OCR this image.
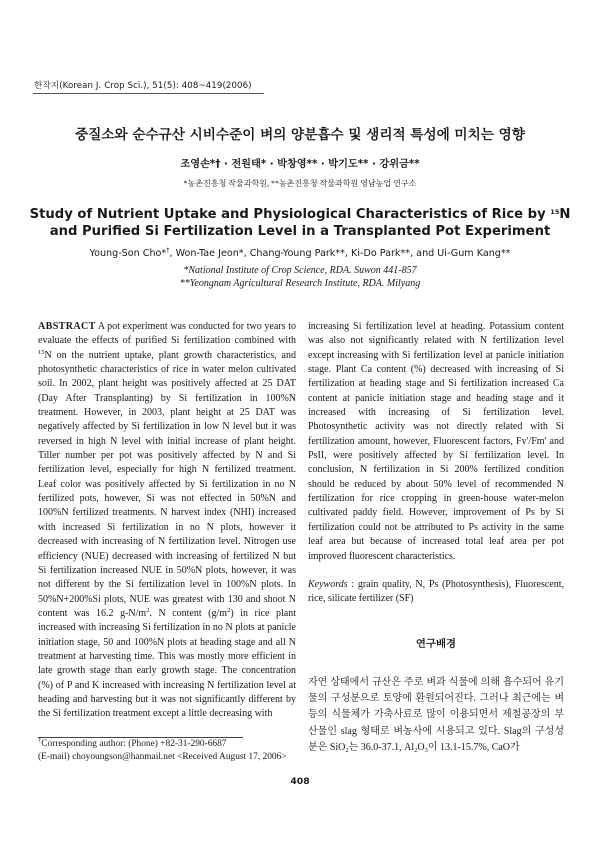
한작지(Korean J. Crop Sci.), 51(5): 408~419(2006)
중질소와 순수규산 시비수준이 벼의 양분흡수 및 생리적 특성에 미치는 영향
조영손*† · 전원태* · 박창영** · 박기도** · 강위금**
*농촌진흥청 작물과학원, **농촌진흥청 작물과학원 영남농업 연구소
Study of Nutrient Uptake and Physiological Characteristics of Rice by $^{15}$N and Purified Si Fertilization Level in a Transplanted Pot Experiment
Young-Son Cho*†, Won-Tae Jeon*, Chang-Young Park**, Ki-Do Park**, and Ui-Gum Kang**
*National Institute of Crop Science, RDA. Suwon 441-857
**Yeongnam Agricultural Research Institute, RDA. Milyang

ABSTRACT A pot experiment was conducted for two years to evaluate the effects of purified Si fertilization combined with $^{15}$N on the nutrient uptake, plant growth characteristics, and photosynthetic characteristics of rice in water melon cultivated soil. In 2002, plant height was positively affected at 25 DAT (Day After Transplanting) by Si fertilization in 100%N treatment. However, in 2003, plant height at 25 DAT was negatively affected by Si fertilization in low N level but it was reversed in high N level with initial increase of plant height. Tiller number per pot was positively affected by N and Si fertilization level, especially for high N fertilized treatment. Leaf color was positively affected by Si fertilization in no N fertilized pots, however, Si was not effected in 50%N and 100%N fertilized treatments. N harvest index (NHI) increased with increased Si fertilization in no N plots, however it decreased with increasing of N fertilization level. Nitrogen use efficiency (NUE) decreased with increasing of fertilized N but Si fertilization increased NUE in 50%N plots, however, it was not different by the Si fertilization level in 100%N plots. In 50%N+200%Si plots, NUE was greatest with 130 and shoot N content was 16.2 $g-N/m^2$. N content $(g/m^2)$ in rice plant increased with increasing Si fertilization in no N plots at panicle initiation stage, 50 and 100%N plots at heading stage and all N treatment at harvesting time. This was mostly more efficient in late growth stage than early growth stage. The concentration (%) of P and K increased with increasing N fertilization level at heading and harvesting but it was not significantly different by the Si fertilization treatment except a little decreasing with

increasing Si fertilization level at heading. Potassium content was also not significantly related with N fertilization level except increasing with Si fertilization level at panicle initiation stage. Plant Ca content (%) decreased with increasing of Si fertilization at heading stage and Si fertilization increased Ca content at panicle initiation stage and heading stage and it increased with increasing of Si fertilization level. Photosynthetic activity was not directly related with Si fertilization amount, however, Fluorescent factors, Fv'/Fm' and PsII, were positively affected by Si fertilization level. In conclusion, N fertilization in Si 200% fertilized condition should be reduced by about 50% level of recommended N fertilization for rice cropping in green-house water-melon cultivated paddy field. However, improvement of Ps by Si fertilization could not be attributed to Ps activity in the same leaf area but because of increased total leaf area per pot improved fluorescent characteristics.

Keywords : grain quality, N, Ps (Photosynthesis), Fluorescent, rice, silicate fertilizer (SF)

연구배경

자연 상태에서 규산은 주로 벼과 식물에 의해 흡수되어 유기물의 구성분으로 토양에 환원되어진다. 그러나 최근에는 벼 등의 식물체가 가축사료로 많이 이용되면서 제철공장의 부산물인 slag 형태로 벼농사에 시용되고 있다. Slag의 구성성분은 SiO$_2$는 36.0-37.1, $Al_2O_3$이 13.1-15.7%, CaO가

†Corresponding author: (Phone) +82-31-290-6687
(E-mail) choyoungson@hanmail.net <Received August 17, 2006>
408
